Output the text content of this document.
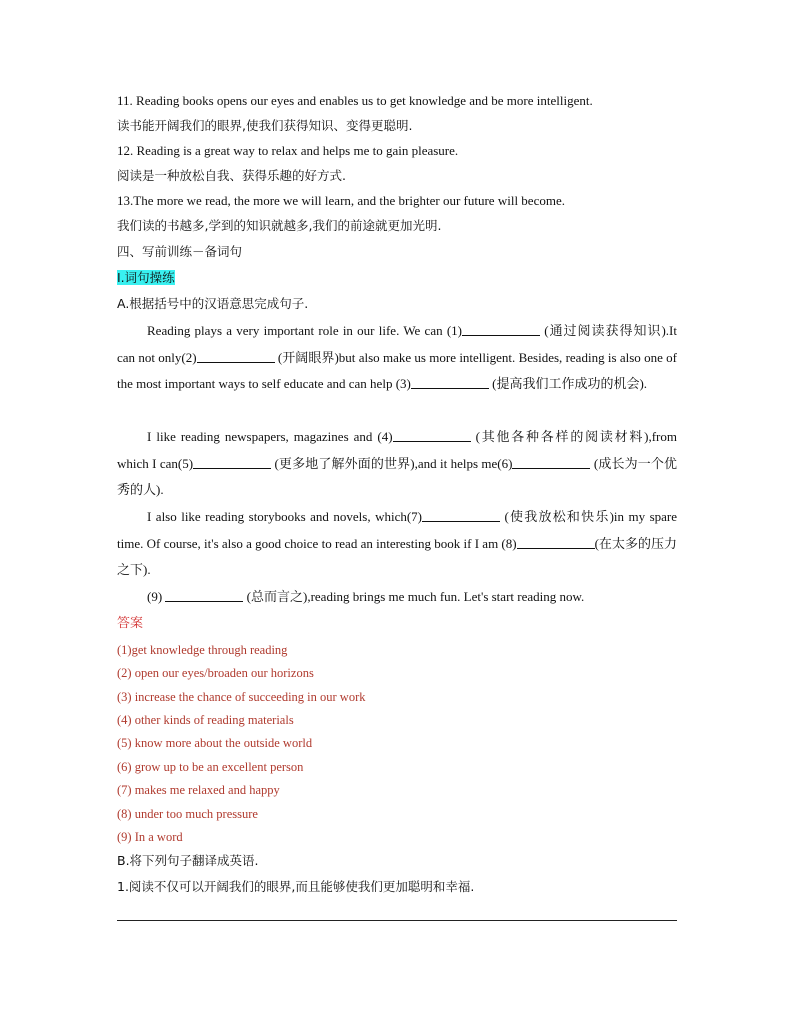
11. Reading books opens our eyes and enables us to get knowledge and be more intelligent.
读书能开阔我们的眼界,使我们获得知识、变得更聪明.
12. Reading is a great way to relax and helps me to gain pleasure.
阅读是一种放松自我、获得乐趣的好方式.
13.The more we read, the more we will learn, and the brighter our future will become.
我们读的书越多,学到的知识就越多,我们的前途就更加光明.
四、写前训练－备词句
I.词句操练
A.根据括号中的汉语意思完成句子.
Reading plays a very important role in our life. We can (1)	(通过阅读获得知识).It can not only(2)	(开阔眼界)but also make us more intelligent. Besides, reading is also one of the most important ways to self educate and can help (3)	(提高我们工作成功的机会).
I like reading newspapers, magazines and (4)	(其他各种各样的阅读材料),from which I can(5)	(更多地了解外面的世界),and it helps me(6)	(成长为一个优秀的人).
I also like reading storybooks and novels, which(7)	(使我放松和快乐)in my spare time. Of course, it's also a good choice to read an interesting book if I am (8)	(在太多的压力之下).
(9)	(总而言之),reading brings me much fun. Let's start reading now.
答案
(1)get knowledge through reading
(2) open our eyes/broaden our horizons
(3) increase the chance of succeeding in our work
(4) other kinds of reading materials
(5) know more about the outside world
(6) grow up to be an excellent person
(7) makes me relaxed and happy
(8) under too much pressure
(9) In a word
B.将下列句子翻译成英语.
1.阅读不仅可以开阔我们的眼界,而且能够使我们更加聪明和幸福.
